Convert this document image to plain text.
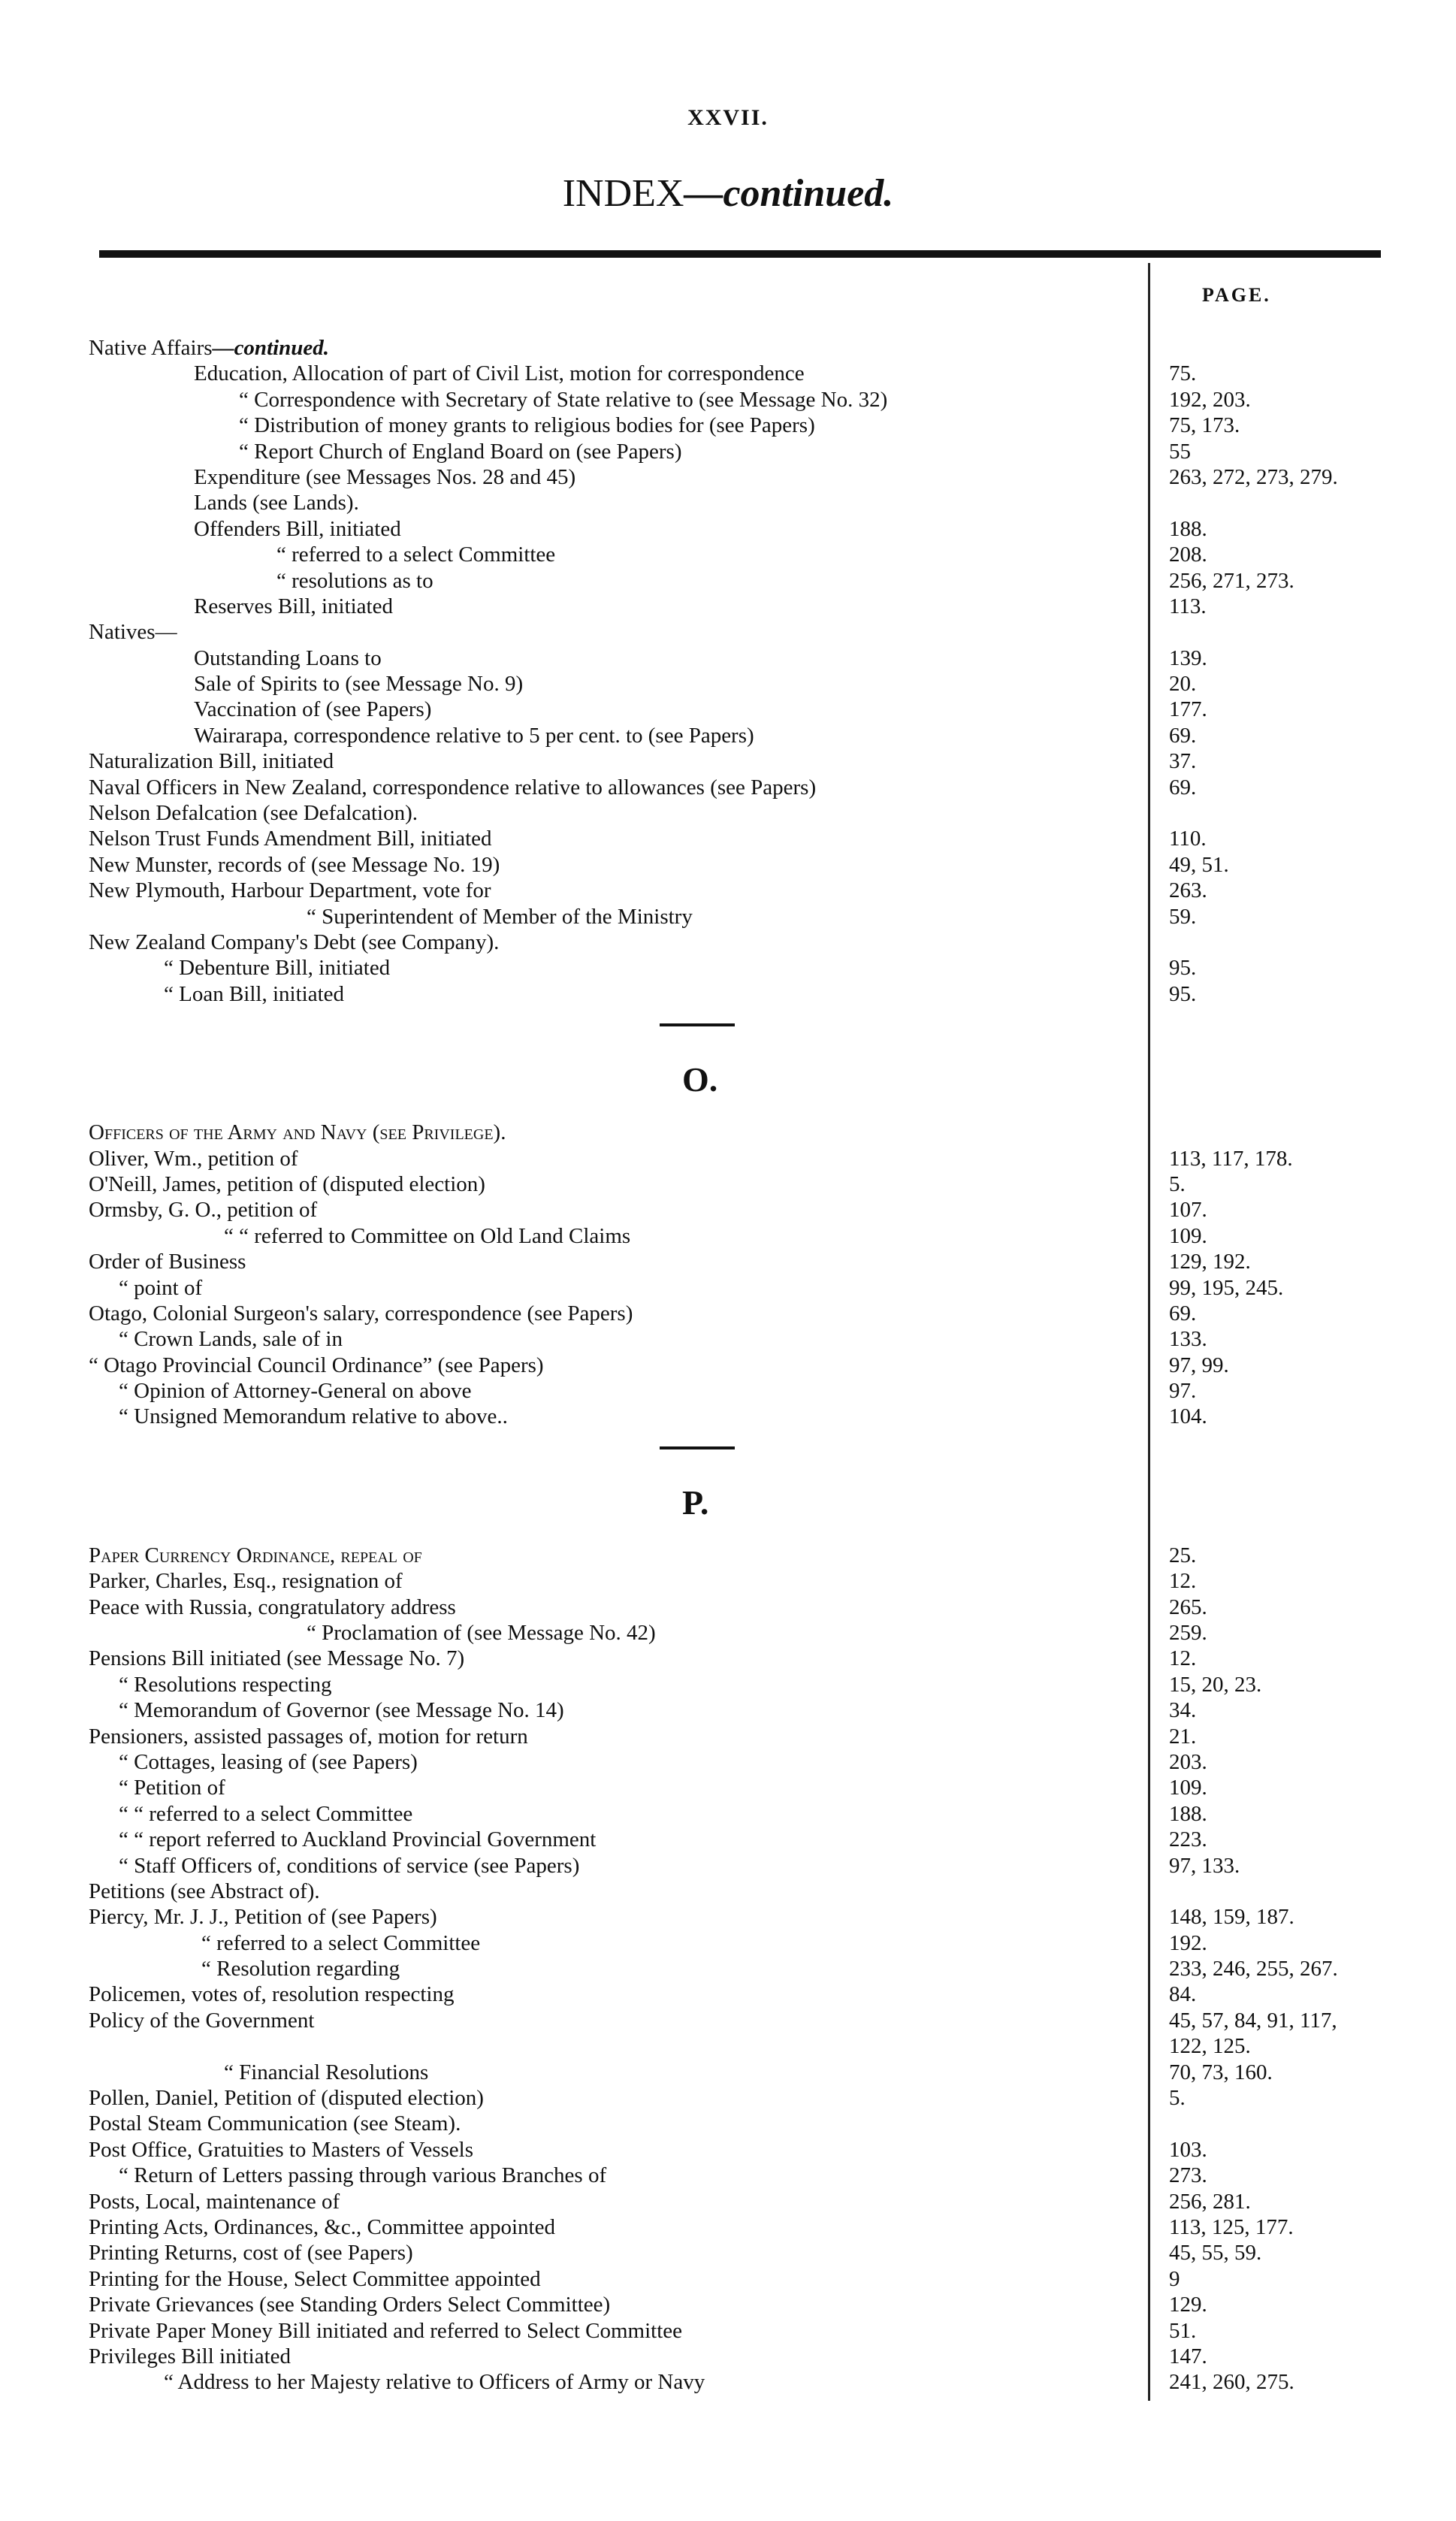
XXVII.
INDEX—continued.
PAGE.
Native Affairs—continued.
Education, Allocation of part of Civil List, motion for correspondence	75.
“ Correspondence with Secretary of State relative to (see Message No. 32)	192, 203.
“ Distribution of money grants to religious bodies for (see Papers)	75, 173.
“ Report Church of England Board on (see Papers)	55
Expenditure (see Messages Nos. 28 and 45)	263, 272, 273, 279.
Lands (see Lands).
Offenders Bill, initiated	188.
“ referred to a select Committee	208.
“ resolutions as to	256, 271, 273.
Reserves Bill, initiated	113.
Natives—
Outstanding Loans to	139.
Sale of Spirits to (see Message No. 9)	20.
Vaccination of (see Papers)	177.
Wairarapa, correspondence relative to 5 per cent. to (see Papers)	69.
Naturalization Bill, initiated	37.
Naval Officers in New Zealand, correspondence relative to allowances (see Papers)	69.
Nelson Defalcation (see Defalcation).
Nelson Trust Funds Amendment Bill, initiated	110.
New Munster, records of (see Message No. 19)	49, 51.
New Plymouth, Harbour Department, vote for	263.
“ Superintendent of Member of the Ministry	59.
New Zealand Company's Debt (see Company).
“ Debenture Bill, initiated	95.
“ Loan Bill, initiated	95.
O.
Officers of the Army and Navy (see Privilege).
Oliver, Wm., petition of	113, 117, 178.
O'Neill, James, petition of (disputed election)	5.
Ormsby, G. O., petition of	107.
“ “ referred to Committee on Old Land Claims	109.
Order of Business	129, 192.
“ point of	99, 195, 245.
Otago, Colonial Surgeon's salary, correspondence (see Papers)	69.
“ Crown Lands, sale of in	133.
“ Otago Provincial Council Ordinance” (see Papers)	97, 99.
“ Opinion of Attorney-General on above	97.
“ Unsigned Memorandum relative to above..	104.
P.
Paper Currency Ordinance, repeal of	25.
Parker, Charles, Esq., resignation of	12.
Peace with Russia, congratulatory address	265.
“ Proclamation of (see Message No. 42)	259.
Pensions Bill initiated (see Message No. 7)	12.
“ Resolutions respecting	15, 20, 23.
“ Memorandum of Governor (see Message No. 14)	34.
Pensioners, assisted passages of, motion for return	21.
“ Cottages, leasing of (see Papers)	203.
“ Petition of	109.
“ “ referred to a select Committee	188.
“ “ report referred to Auckland Provincial Government	223.
“ Staff Officers of, conditions of service (see Papers)	97, 133.
Petitions (see Abstract of).
Piercy, Mr. J. J., Petition of (see Papers)	148, 159, 187.
“ referred to a select Committee	192.
“ Resolution regarding	233, 246, 255, 267.
Policemen, votes of, resolution respecting	84.
Policy of the Government	45, 57, 84, 91, 117,
122, 125.
“ Financial Resolutions	70, 73, 160.
Pollen, Daniel, Petition of (disputed election)	5.
Postal Steam Communication (see Steam).
Post Office, Gratuities to Masters of Vessels	103.
“ Return of Letters passing through various Branches of	273.
Posts, Local, maintenance of	256, 281.
Printing Acts, Ordinances, &c., Committee appointed	113, 125, 177.
Printing Returns, cost of (see Papers)	45, 55, 59.
Printing for the House, Select Committee appointed	9
Private Grievances (see Standing Orders Select Committee)	129.
Private Paper Money Bill initiated and referred to Select Committee	51.
Privileges Bill initiated	147.
“ Address to her Majesty relative to Officers of Army or Navy	241, 260, 275.
